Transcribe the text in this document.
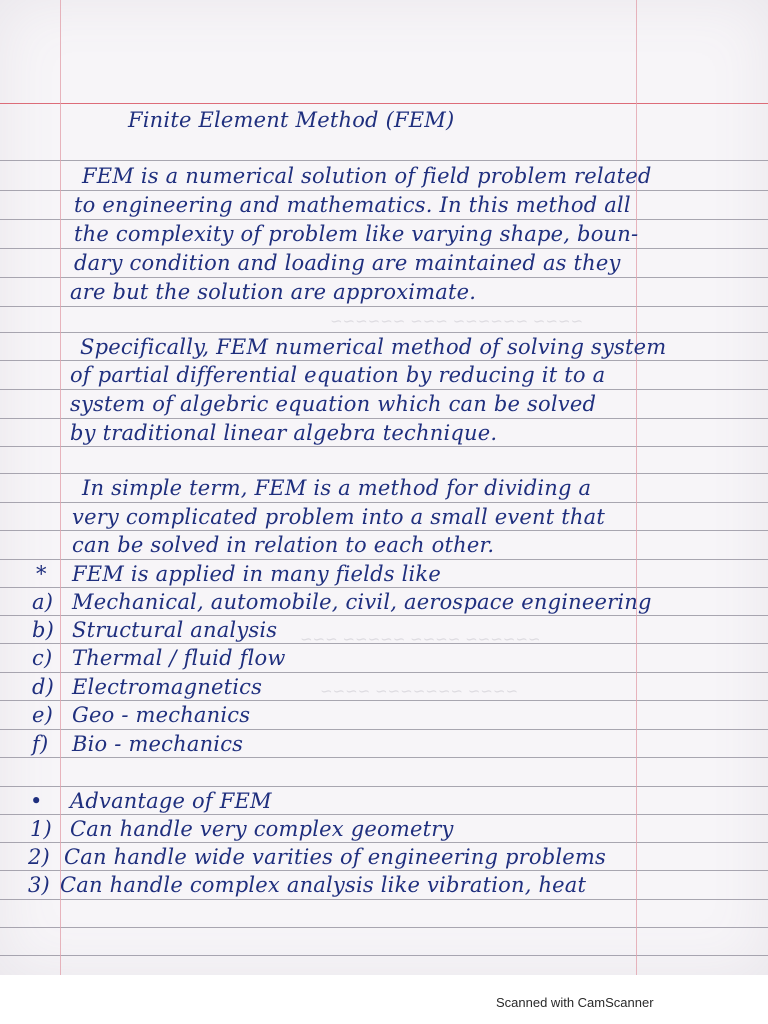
~~~~ ~~~~~~ ~~~ ~~~~~~

~~~~~~ ~~~~ ~~~~~ ~~~

~~~~ ~~~~~~~ ~~~~

Finite Element Method (FEM)

FEM is a numerical solution of field problem related

to engineering and mathematics. In this method all

the complexity of problem like varying shape, boun-

dary condition and loading are maintained as they

are but the solution are approximate.

Specifically, FEM numerical method of solving system

of partial differential equation by reducing it to a

system of algebric equation which can be solved

by traditional linear algebra technique.

In simple term, FEM is a method for dividing a

very complicated problem into a small event that

can be solved in relation to each other.

* FEM is applied in many fields like

a) Mechanical, automobile, civil, aerospace engineering

b) Structural analysis

c) Thermal / fluid flow

d) Electromagnetics

e) Geo - mechanics

f) Bio - mechanics

• Advantage of FEM

1) Can handle very complex geometry

2) Can handle wide varities of engineering problems

3) Can handle complex analysis like vibration, heat

Scanned with CamScanner
